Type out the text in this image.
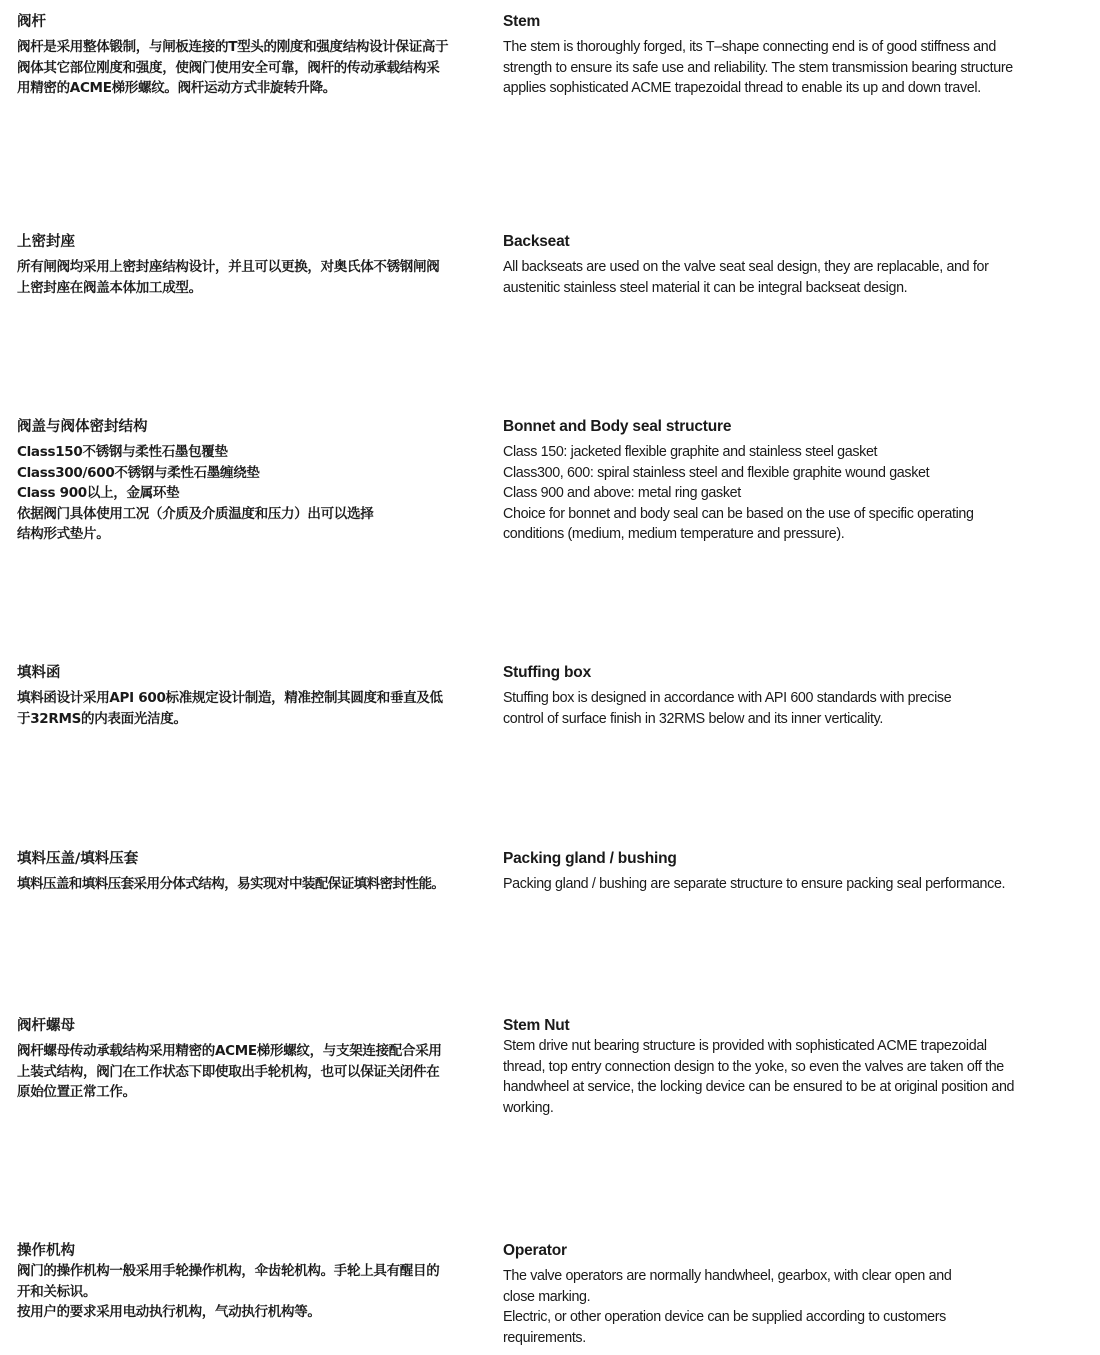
阀杆
阀杆是采用整体锻制，与闸板连接的T型头的刚度和强度结构设计保证高于
阀体其它部位刚度和强度，使阀门使用安全可靠，阀杆的传动承载结构采
用精密的ACME梯形螺纹。阀杆运动方式非旋转升降。
Stem
The stem is thoroughly forged, its T–shape connecting end is of good stiffness and
strength to ensure its safe use and reliability. The stem transmission bearing structure
applies sophisticated ACME trapezoidal thread to enable its up and down travel.
上密封座
所有闸阀均采用上密封座结构设计，并且可以更换，对奥氏体不锈钢闸阀
上密封座在阀盖本体加工成型。
Backseat
All backseats are used on the valve seat seal design, they are replacable, and for
austenitic stainless steel material it can be integral backseat design.
阀盖与阀体密封结构
Class150不锈钢与柔性石墨包覆垫
Class300/600不锈钢与柔性石墨缠绕垫
Class 900以上，金属环垫
依据阀门具体使用工况（介质及介质温度和压力）出可以选择
结构形式垫片。
Bonnet and Body seal structure
Class 150: jacketed flexible graphite and stainless steel gasket
Class300, 600: spiral stainless steel and flexible graphite wound gasket
Class 900 and above: metal ring gasket
Choice for bonnet and body seal can be based on the use of specific operating
conditions (medium, medium temperature and pressure).
填料函
填料函设计采用API 600标准规定设计制造，精准控制其圆度和垂直及低
于32RMS的内表面光洁度。
Stuffing box
Stuffing box is designed in accordance with API 600 standards with precise
control of surface finish in 32RMS below and its inner verticality.
填料压盖/填料压套
填料压盖和填料压套采用分体式结构，易实现对中装配保证填料密封性能。
Packing gland / bushing
Packing gland / bushing are separate structure to ensure packing seal performance.
阀杆螺母
阀杆螺母传动承载结构采用精密的ACME梯形螺纹，与支架连接配合采用
上装式结构，阀门在工作状态下即使取出手轮机构，也可以保证关闭件在
原始位置正常工作。
Stem Nut
Stem drive nut bearing structure is provided with sophisticated ACME trapezoidal
thread, top entry connection design to the yoke, so even the valves are taken off the
handwheel at service, the locking device can be ensured to be at original position and
working.
操作机构
阀门的操作机构一般采用手轮操作机构，伞齿轮机构。手轮上具有醒目的
开和关标识。
按用户的要求采用电动执行机构，气动执行机构等。
Operator
The valve operators are normally handwheel, gearbox, with clear open and
close marking.
Electric, or other operation device can be supplied according to customers
requirements.
